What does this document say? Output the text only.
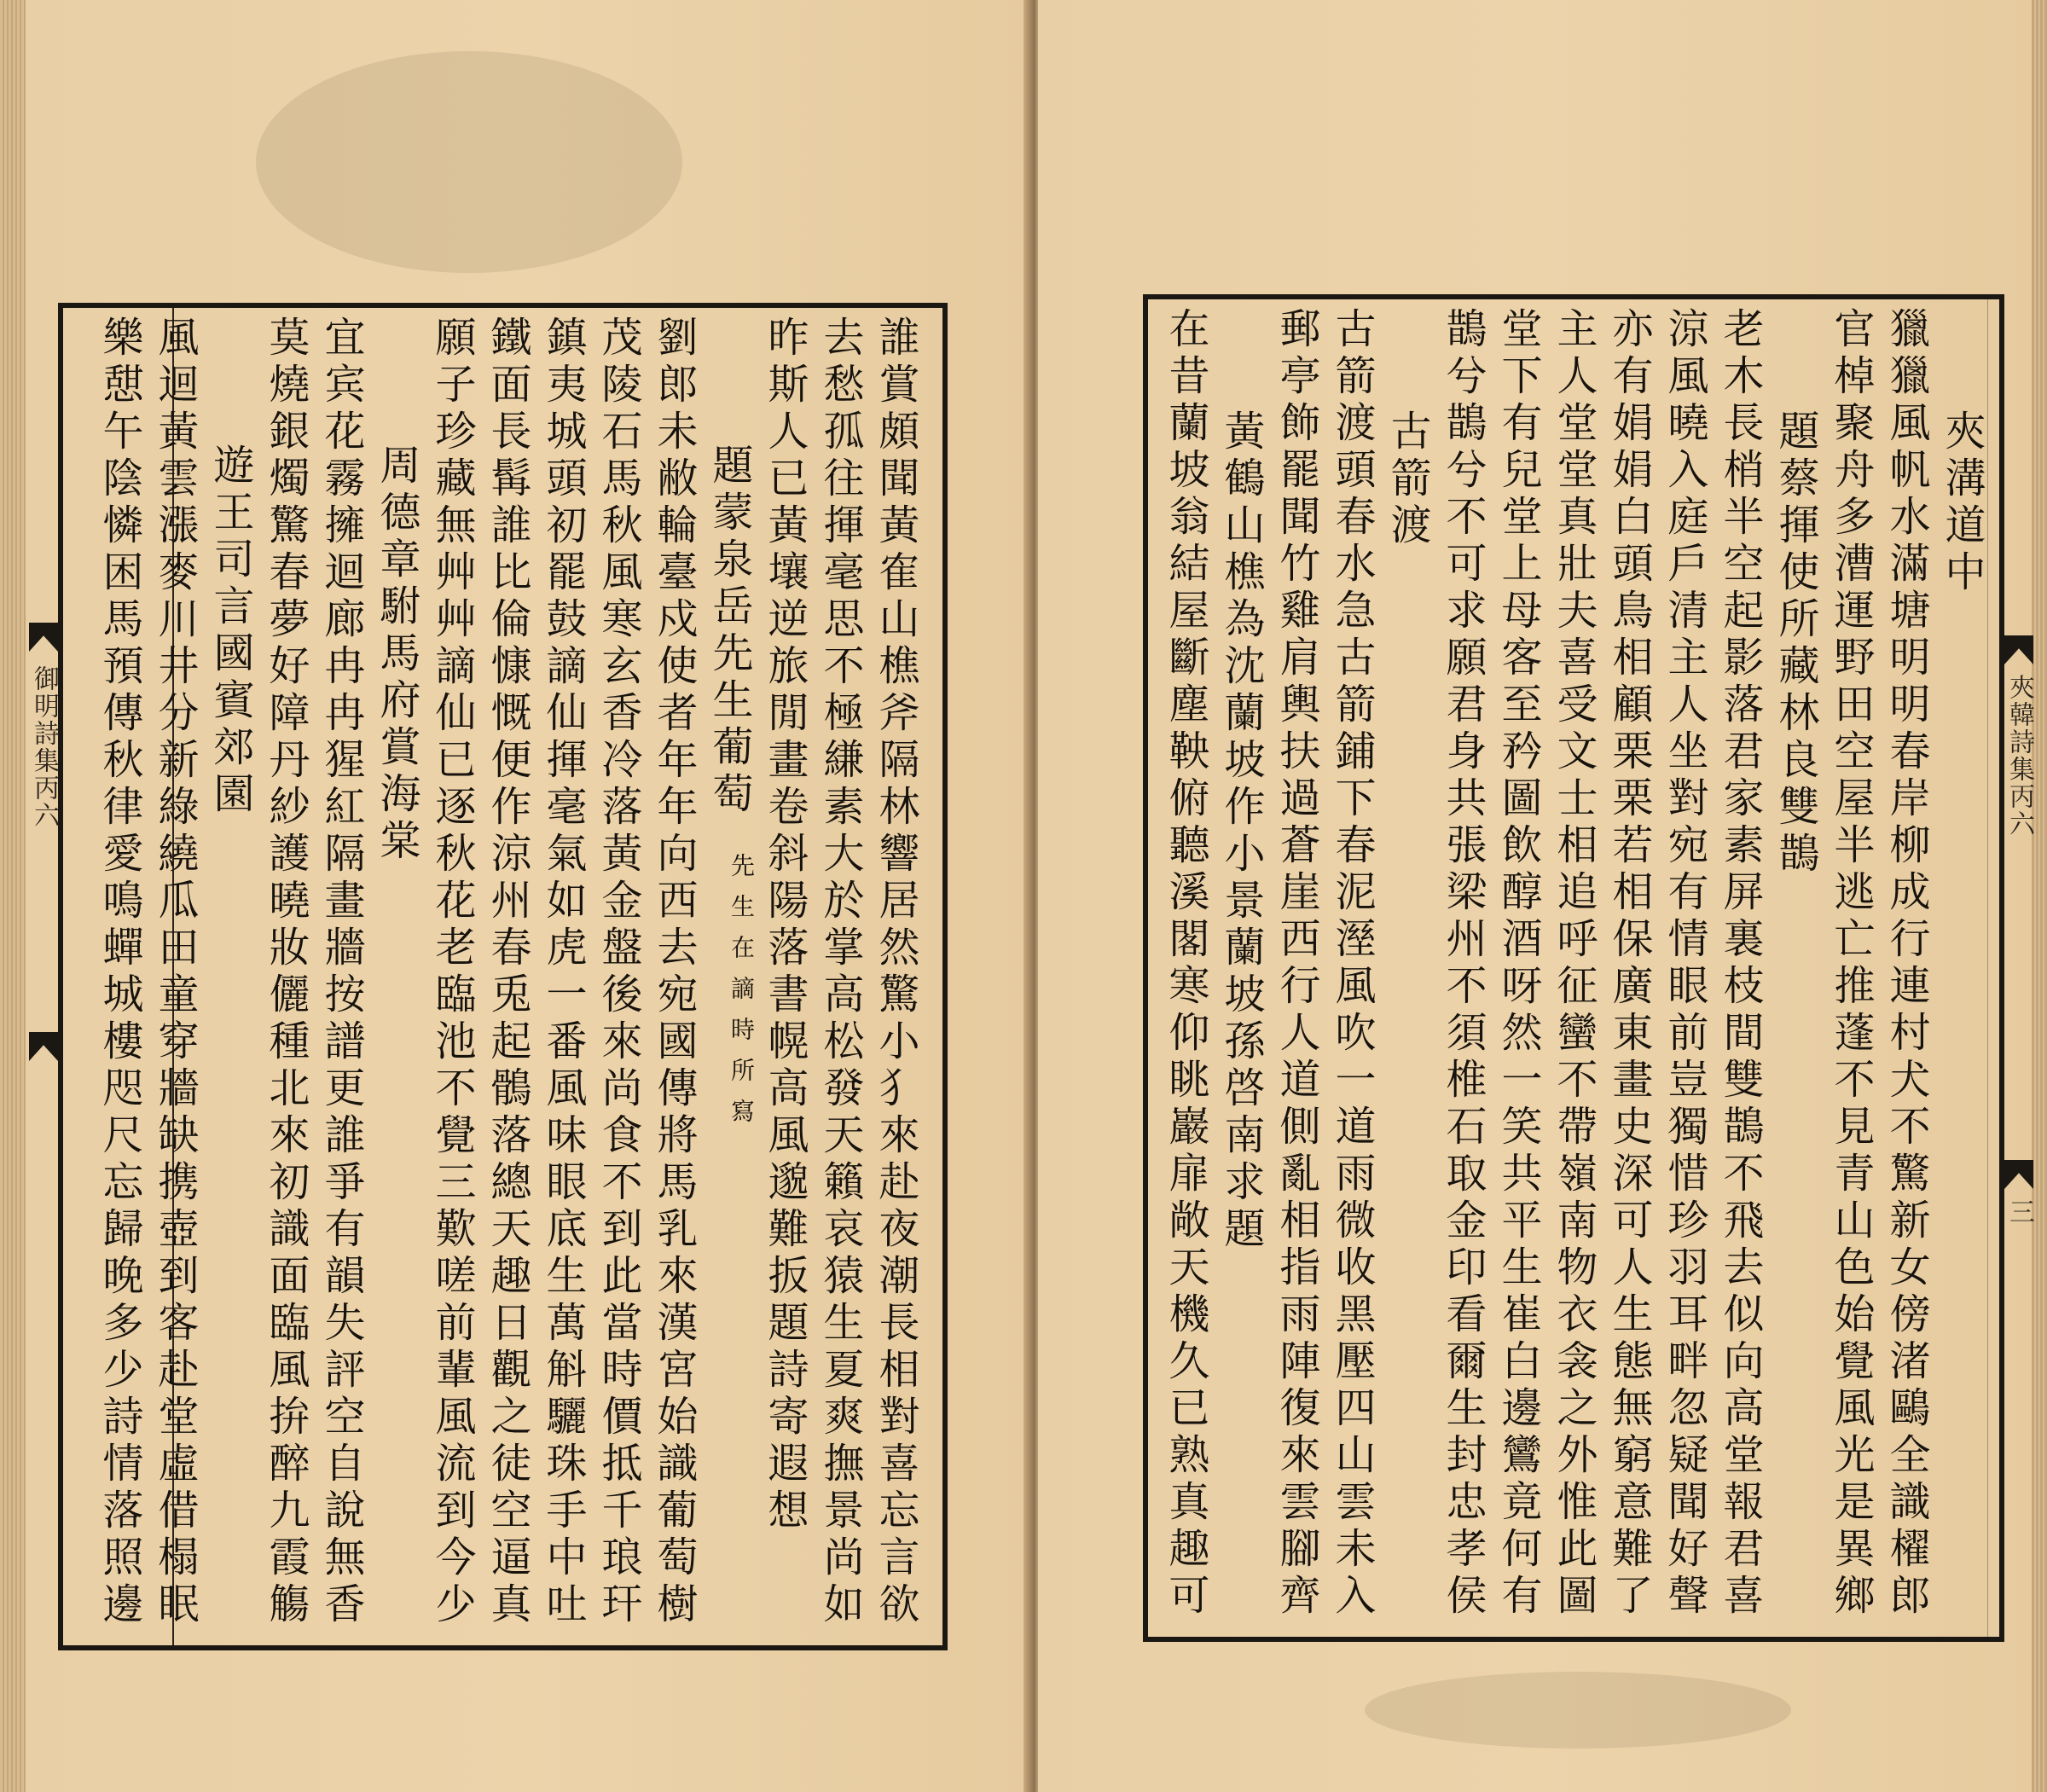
御明詩集丙六	誰賞頗聞黃隺山樵斧隔林響居然驚小犭來赴夜潮長相對喜忘言欲
去愁孤往揮毫思不極縑素大於掌高松發天籟哀猿生夏爽撫景尚如
昨斯人已黃壤逆旅閒畫卷斜陽落書幌高風邈難扳題詩寄遐想
題蒙泉岳先生葡萄
先生在謫時所寫
劉郎未敝輪臺戍使者年年向西去宛國傳將馬乳來漢宮始識葡萄樹
茂陵石馬秋風寒玄香冷落黃金盤後來尚食不到此當時價抵千琅玕
鎮夷城頭初罷鼓謫仙揮毫氣如虎一番風味眼底生萬斛驪珠手中吐
鐵面長髯誰比倫慷慨便作涼州春兎起鶻落總天趣日觀之徒空逼真
願子珍藏無艸艸謫仙已逐秋花老臨池不覺三歎嗟前輩風流到今少
周德章駙馬府賞海棠
宜宾花霧擁迴廊冉冉猩紅隔畫牆按譜更誰爭有韻失評空自說無香
莫燒銀燭驚春夢好障丹紗護曉妝儷種北來初識面臨風拚醉九霞觴
遊王司言國賓郊園
風迴黃雲漲麥川井分新綠繞瓜田童穿牆缺携壺到客赴堂虛借榻眠
樂憇午陰憐困馬預傳秋律愛鳴蟬城樓咫尺忘歸晚多少詩情落照邊	夾韓詩集丙六
三
夾溝道中
獵獵風帆水滿塘明明春岸柳成行連村犬不驚新女傍渚鷗全識櫂郎
官棹聚舟多漕運野田空屋半逃亡推蓬不見青山色始覺風光是異鄉
題蔡揮使所藏林良雙鵲
老木長梢半空起影落君家素屏裏枝間雙鵲不飛去似向高堂報君喜
涼風曉入庭戶清主人坐對宛有情眼前豈獨惜珍羽耳畔忽疑聞好聲
亦有娟娟白頭鳥相顧栗栗若相保廣東畫史深可人生態無窮意難了
主人堂堂真壯夫喜受文士相追呼征蠻不帶嶺南物衣衾之外惟此圖
堂下有兒堂上母客至矜圖飲醇酒呀然一笑共平生崔白邊鸞竟何有
鵲兮鵲兮不可求願君身共張梁州不須椎石取金印看爾生封忠孝侯
古箭渡
古箭渡頭春水急古箭鋪下春泥溼風吹一道雨微收黑壓四山雲未入
郵亭飾罷聞竹雞肩輿扶過蒼崖西行人道側亂相指雨陣復來雲腳齊
黃鶴山樵為沈蘭坡作小景蘭坡孫啓南求題
在昔蘭坡翁結屋斷塵鞅俯聽溪閣寒仰眺巖扉敞天機久已熟真趣可
